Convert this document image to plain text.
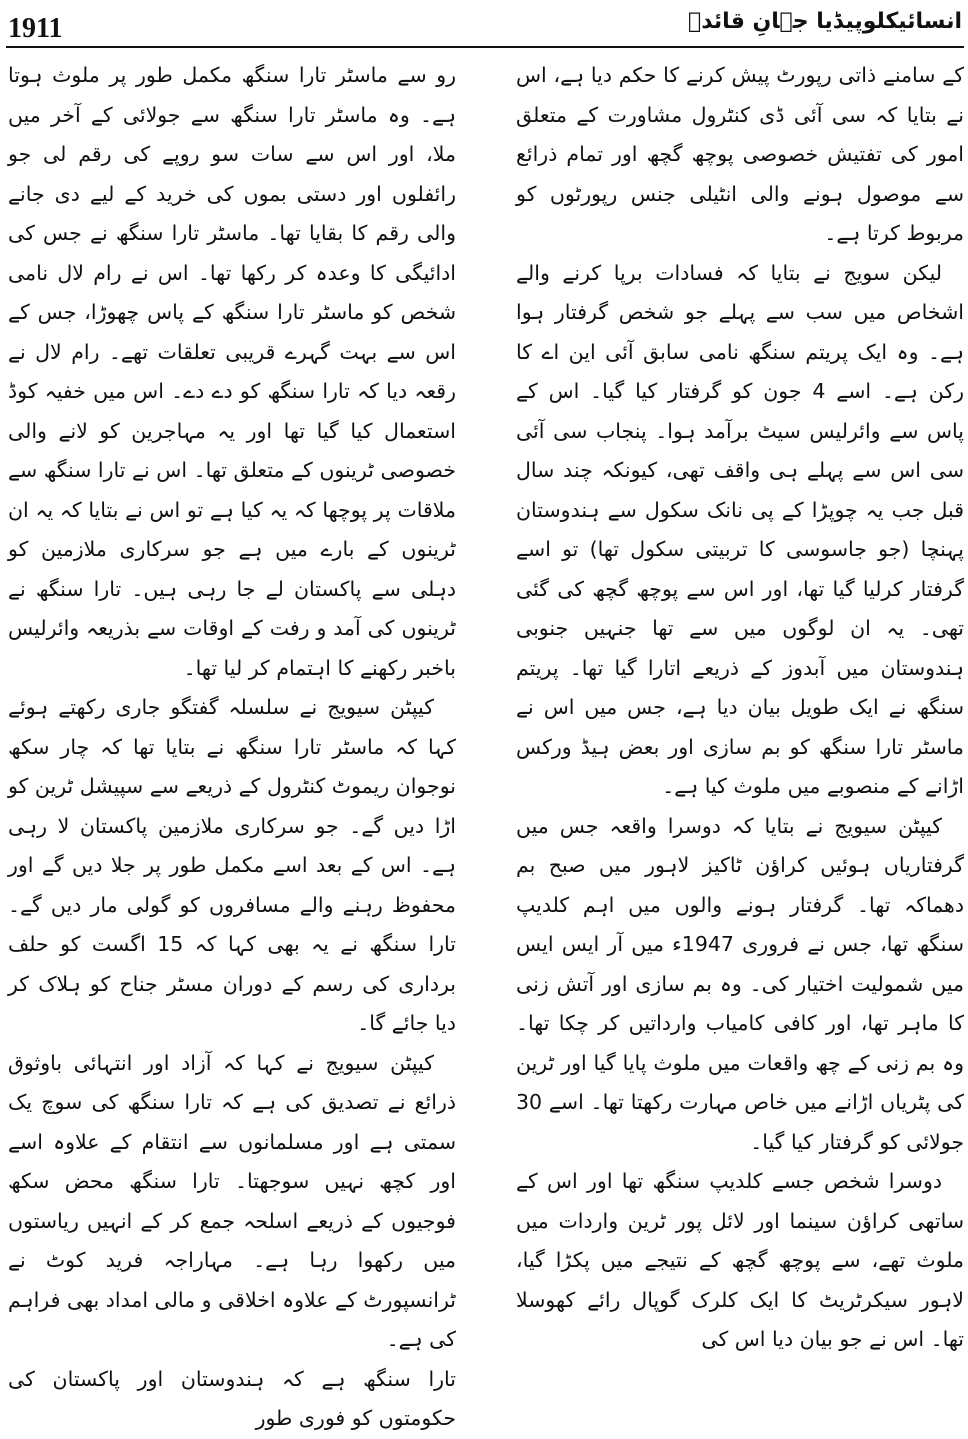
1911	انسائیکلوپیڈیا جہانِ قائدؒ

کے سامنے ذاتی رپورٹ پیش کرنے کا حکم دیا ہے، اس نے بتایا کہ سی آئی ڈی کنٹرول مشاورت کے متعلق امور کی تفتیش خصوصی پوچھ گچھ اور تمام ذرائع سے موصول ہونے والی انٹیلی جنس رپورٹوں کو مربوط کرتا ہے۔

لیکن سویج نے بتایا کہ فسادات برپا کرنے والے اشخاص میں سب سے پہلے جو شخص گرفتار ہوا ہے۔ وہ ایک پریتم سنگھ نامی سابق آئی این اے کا رکن ہے۔ اسے 4 جون کو گرفتار کیا گیا۔ اس کے پاس سے وائرلیس سیٹ برآمد ہوا۔ پنجاب سی آئی سی اس سے پہلے ہی واقف تھی، کیونکہ چند سال قبل جب یہ چوپڑا کے پی نانک سکول سے ہندوستان پہنچا (جو جاسوسی کا تربیتی سکول تھا) تو اسے گرفتار کرلیا گیا تھا، اور اس سے پوچھ گچھ کی گئی تھی۔ یہ ان لوگوں میں سے تھا جنہیں جنوبی ہندوستان میں آبدوز کے ذریعے اتارا گیا تھا۔ پریتم سنگھ نے ایک طویل بیان دیا ہے، جس میں اس نے ماسٹر تارا سنگھ کو بم سازی اور بعض ہیڈ ورکس اڑانے کے منصوبے میں ملوث کیا ہے۔

کیپٹن سیویج نے بتایا کہ دوسرا واقعہ جس میں گرفتاریاں ہوئیں کراؤن ٹاکیز لاہور میں صبح بم دھماکہ تھا۔ گرفتار ہونے والوں میں اہم کلدیپ سنگھ تھا، جس نے فروری 1947ء میں آر ایس ایس میں شمولیت اختیار کی۔ وہ بم سازی اور آتش زنی کا ماہر تھا، اور کافی کامیاب وارداتیں کر چکا تھا۔ وہ بم زنی کے چھ واقعات میں ملوث پایا گیا اور ٹرین کی پٹریاں اڑانے میں خاص مہارت رکھتا تھا۔ اسے 30 جولائی کو گرفتار کیا گیا۔

دوسرا شخص جسے کلدیپ سنگھ تھا اور اس کے ساتھی کراؤن سینما اور لائل پور ٹرین واردات میں ملوث تھے، سے پوچھ گچھ کے نتیجے میں پکڑا گیا، لاہور سیکرٹریٹ کا ایک کلرک گوپال رائے کھوسلا تھا۔ اس نے جو بیان دیا اس کی

رو سے ماسٹر تارا سنگھ مکمل طور پر ملوث ہوتا ہے۔ وہ ماسٹر تارا سنگھ سے جولائی کے آخر میں ملا، اور اس سے سات سو روپے کی رقم لی جو رائفلوں اور دستی بموں کی خرید کے لیے دی جانے والی رقم کا بقایا تھا۔ ماسٹر تارا سنگھ نے جس کی ادائیگی کا وعدہ کر رکھا تھا۔ اس نے رام لال نامی شخص کو ماسٹر تارا سنگھ کے پاس چھوڑا، جس کے اس سے بہت گہرے قریبی تعلقات تھے۔ رام لال نے رقعہ دیا کہ تارا سنگھ کو دے دے۔ اس میں خفیہ کوڈ استعمال کیا گیا تھا اور یہ مہاجرین کو لانے والی خصوصی ٹرینوں کے متعلق تھا۔ اس نے تارا سنگھ سے ملاقات پر پوچھا کہ یہ کیا ہے تو اس نے بتایا کہ یہ ان ٹرینوں کے بارے میں ہے جو سرکاری ملازمین کو دہلی سے پاکستان لے جا رہی ہیں۔ تارا سنگھ نے ٹرینوں کی آمد و رفت کے اوقات سے بذریعہ وائرلیس باخبر رکھنے کا اہتمام کر لیا تھا۔

کیپٹن سیویج نے سلسلہ گفتگو جاری رکھتے ہوئے کہا کہ ماسٹر تارا سنگھ نے بتایا تھا کہ چار سکھ نوجوان ریموٹ کنٹرول کے ذریعے سے سپیشل ٹرین کو اڑا دیں گے۔ جو سرکاری ملازمین پاکستان لا رہی ہے۔ اس کے بعد اسے مکمل طور پر جلا دیں گے اور محفوظ رہنے والے مسافروں کو گولی مار دیں گے۔ تارا سنگھ نے یہ بھی کہا کہ 15 اگست کو حلف برداری کی رسم کے دوران مسٹر جناح کو ہلاک کر دیا جائے گا۔

کیپٹن سیویج نے کہا کہ آزاد اور انتہائی باوثوق ذرائع نے تصدیق کی ہے کہ تارا سنگھ کی سوچ یک سمتی ہے اور مسلمانوں سے انتقام کے علاوہ اسے اور کچھ نہیں سوجھتا۔ تارا سنگھ محض سکھ فوجیوں کے ذریعے اسلحہ جمع کر کے انہیں ریاستوں میں رکھوا رہا ہے۔ مہاراجہ فرید کوٹ نے ٹرانسپورٹ کے علاوہ اخلاقی و مالی امداد بھی فراہم کی ہے۔

تارا سنگھ ہے کہ ہندوستان اور پاکستان کی حکومتوں کو فوری طور
